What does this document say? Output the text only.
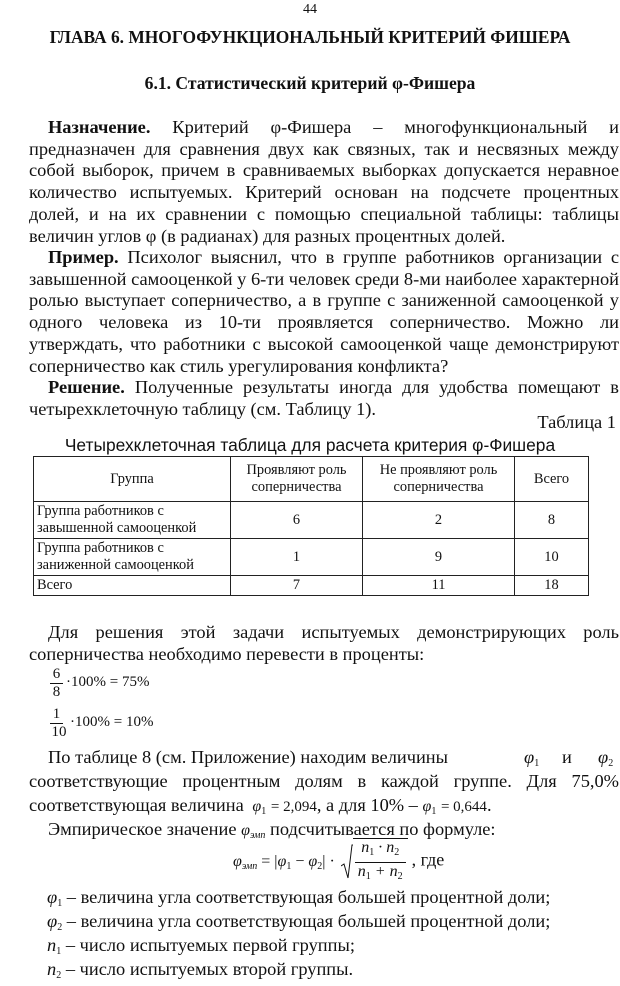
44
ГЛАВА 6. МНОГОФУНКЦИОНАЛЬНЫЙ КРИТЕРИЙ ФИШЕРА
6.1. Статистический критерий φ-Фишера

Назначение. Критерий φ-Фишера – многофункциональный и предназначен для сравнения двух как связных, так и несвязных между собой выборок, причем в сравниваемых выборках допускается неравное количество испытуемых. Критерий основан на подсчете процентных долей, и на их сравнении с помощью специальной таблицы: таблицы величин углов φ (в радианах) для разных процентных долей.

Пример. Психолог выяснил, что в группе работников организации с завышенной самооценкой у 6-ти человек среди 8-ми наиболее характерной ролью выступает соперничество, а в группе с заниженной самооценкой у одного человека из 10-ти проявляется соперничество. Можно ли утверждать, что работники с высокой самооценкой чаще демонстрируют соперничество как стиль урегулирования конфликта?

Решение. Полученные результаты иногда для удобства помещают в четырехклеточную таблицу (см. Таблицу 1).

Таблица 1
Четырехклеточная таблица для расчета критерия φ-Фишера
Группа	Проявляют роль соперничества	Не проявляют роль соперничества	Всего
Группа работников с завышенной самооценкой	6	2	8
Группа работников с заниженной самооценкой	1	9	10
Всего	7	11	18

Для решения этой задачи испытуемых демонстрирующих роль соперничества необходимо перевести в проценты:

6
8
·100% = 75%
1
10
·100% = 10%
По таблице 8 (см. Приложение) находим величины	$\varphi_1$ и $\varphi_2$
соответствующие процентным долям в каждой группе. Для 75,0%
соответствующая величина  $\varphi_1 = 2,094$, а для $10\% - \varphi_1 = 0,644$.
Эмпирическое значение $\varphi_{эмп}$ подсчитывается по формуле:
$\varphi_{эмп} = |\varphi_1 - \varphi_2| \cdot \frac{n_1 \cdot n_2}{n_1 + n_2}$ , где
$\varphi_1$ – величина угла соответствующая большей процентной доли;
$\varphi_2$ – величина угла соответствующая большей процентной доли;
$n_1$ – число испытуемых первой группы;
$n_2$ – число испытуемых второй группы.
